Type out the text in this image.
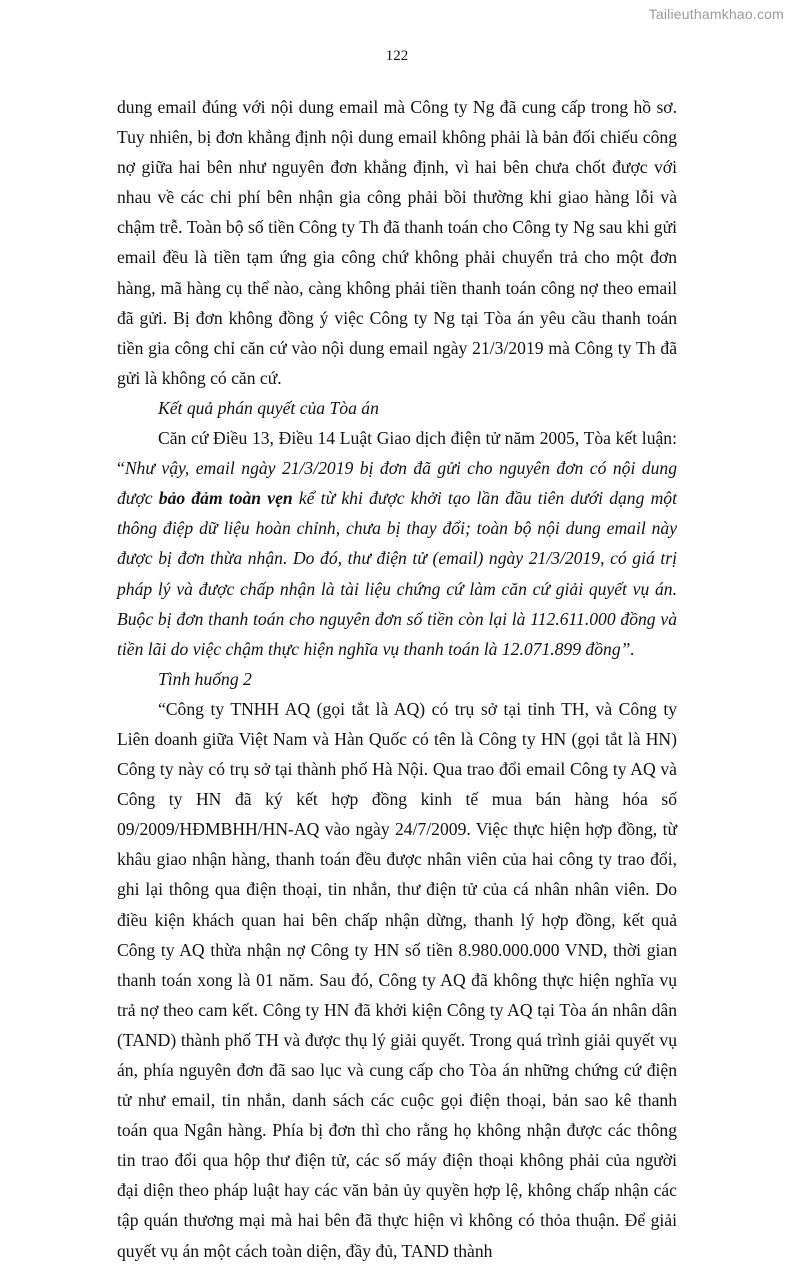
Tailieuthamkhao.com
122

dung email đúng với nội dung email mà Công ty Ng đã cung cấp trong hồ sơ. Tuy nhiên, bị đơn khẳng định nội dung email không phải là bản đối chiếu công nợ giữa hai bên như nguyên đơn khẳng định, vì hai bên chưa chốt được với nhau về các chi phí bên nhận gia công phải bồi thường khi giao hàng lỗi và chậm trễ. Toàn bộ số tiền Công ty Th đã thanh toán cho Công ty Ng sau khi gửi email đều là tiền tạm ứng gia công chứ không phải chuyển trả cho một đơn hàng, mã hàng cụ thể nào, càng không phải tiền thanh toán công nợ theo email đã gửi. Bị đơn không đồng ý việc Công ty Ng tại Tòa án yêu cầu thanh toán tiền gia công chỉ căn cứ vào nội dung email ngày 21/3/2019 mà Công ty Th đã gửi là không có căn cứ.

Kết quả phán quyết của Tòa án

Căn cứ Điều 13, Điều 14 Luật Giao dịch điện tử năm 2005, Tòa kết luận: “Như vậy, email ngày 21/3/2019 bị đơn đã gửi cho nguyên đơn có nội dung được bảo đảm toàn vẹn kể từ khi được khởi tạo lần đầu tiên dưới dạng một thông điệp dữ liệu hoàn chỉnh, chưa bị thay đổi; toàn bộ nội dung email này được bị đơn thừa nhận. Do đó, thư điện tử (email) ngày 21/3/2019, có giá trị pháp lý và được chấp nhận là tài liệu chứng cứ làm căn cứ giải quyết vụ án. Buộc bị đơn thanh toán cho nguyên đơn số tiền còn lại là 112.611.000 đồng và tiền lãi do việc chậm thực hiện nghĩa vụ thanh toán là 12.071.899 đồng”.

Tình huống 2

“Công ty TNHH AQ (gọi tắt là AQ) có trụ sở tại tỉnh TH, và Công ty Liên doanh giữa Việt Nam và Hàn Quốc có tên là Công ty HN (gọi tắt là HN) Công ty này có trụ sở tại thành phố Hà Nội. Qua trao đổi email Công ty AQ và Công ty HN đã ký kết hợp đồng kinh tế mua bán hàng hóa số 09/2009/HĐMBHH/HN-AQ vào ngày 24/7/2009. Việc thực hiện hợp đồng, từ khâu giao nhận hàng, thanh toán đều được nhân viên của hai công ty trao đổi, ghi lại thông qua điện thoại, tin nhắn, thư điện tử của cá nhân nhân viên. Do điều kiện khách quan hai bên chấp nhận dừng, thanh lý hợp đồng, kết quả Công ty AQ thừa nhận nợ Công ty HN số tiền 8.980.000.000 VND, thời gian thanh toán xong là 01 năm. Sau đó, Công ty AQ đã không thực hiện nghĩa vụ trả nợ theo cam kết. Công ty HN đã khởi kiện Công ty AQ tại Tòa án nhân dân (TAND) thành phố TH và được thụ lý giải quyết. Trong quá trình giải quyết vụ án, phía nguyên đơn đã sao lục và cung cấp cho Tòa án những chứng cứ điện tử như email, tin nhắn, danh sách các cuộc gọi điện thoại, bản sao kê thanh toán qua Ngân hàng. Phía bị đơn thì cho rằng họ không nhận được các thông tin trao đổi qua hộp thư điện tử, các số máy điện thoại không phải của người đại diện theo pháp luật hay các văn bản ủy quyền hợp lệ, không chấp nhận các tập quán thương mại mà hai bên đã thực hiện vì không có thỏa thuận. Để giải quyết vụ án một cách toàn diện, đầy đủ, TAND thành
